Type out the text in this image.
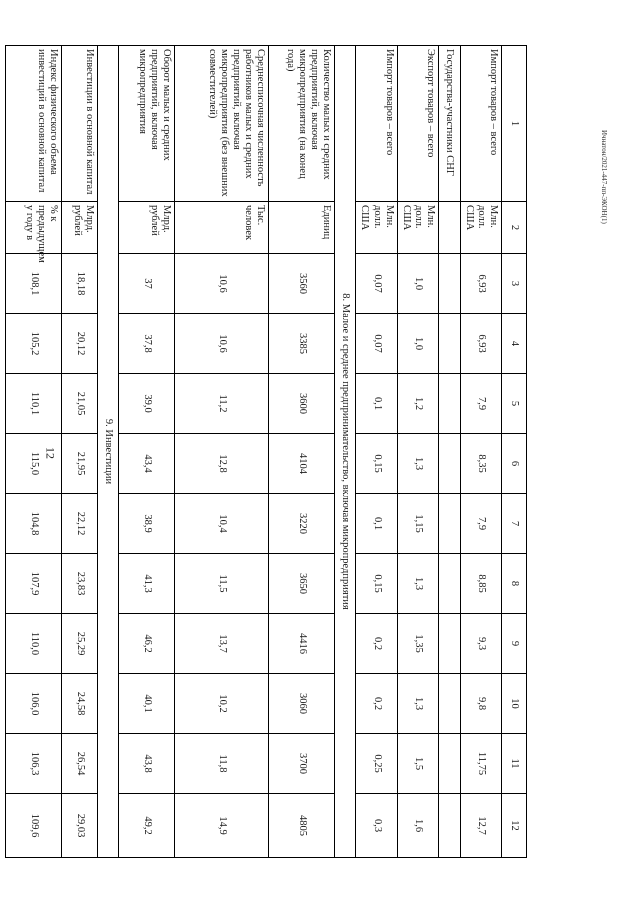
12
Ичнатон/2021-447-пп-ЭКОН(1)
1	2	3	4	5	6	7	8	9	10	11	12
Импорт товаров – всего	Млн. долл. США	6,93	6,93	7,9	8,35	7,9	8,85	9,3	9,8	11,75	12,7
Государства-участники СНГ											
Экспорт товаров – всего	Млн. долл. США	1,0	1,0	1,2	1,3	1,15	1,3	1,35	1,3	1,5	1,6
Импорт товаров – всего	Млн. долл. США	0,07	0,07	0,1	0,15	0,1	0,15	0,2	0,2	0,25	0,3
8. Малое и среднее предпринимательство, включая микропредприятия											
Количество малых и средних предприятий, включая микропредприятия (на конец года)	Единиц	3560	3385	3600	4104	3220	3650	4416	3060	3700	4805
Среднесписочная численность работников малых и средних предприятий, включая микропредприятия (без внешних совместителей)	Тыс. человек	10,6	10,6	11,2	12,8	10,4	11,5	13,7	10,2	11,8	14,9
Оборот малых и средних предприятий, включая микропредприятия	Млрд. рублей	37	37,8	39,0	43,4	38,9	41,3	46,2	40,1	43,8	49,2
9. Инвестиции											
Инвестиции в основной капитал	Млрд. рублей	18,18	20,12	21,05	21,95	22,12	23,83	25,29	24,58	26,54	29,03
Индекс физического объема инвестиций в основной капитал	% к предыдущем у году в	108,1	105,2	110,1	115,0	104,8	107,9	110,0	106,0	106,3	109,6
